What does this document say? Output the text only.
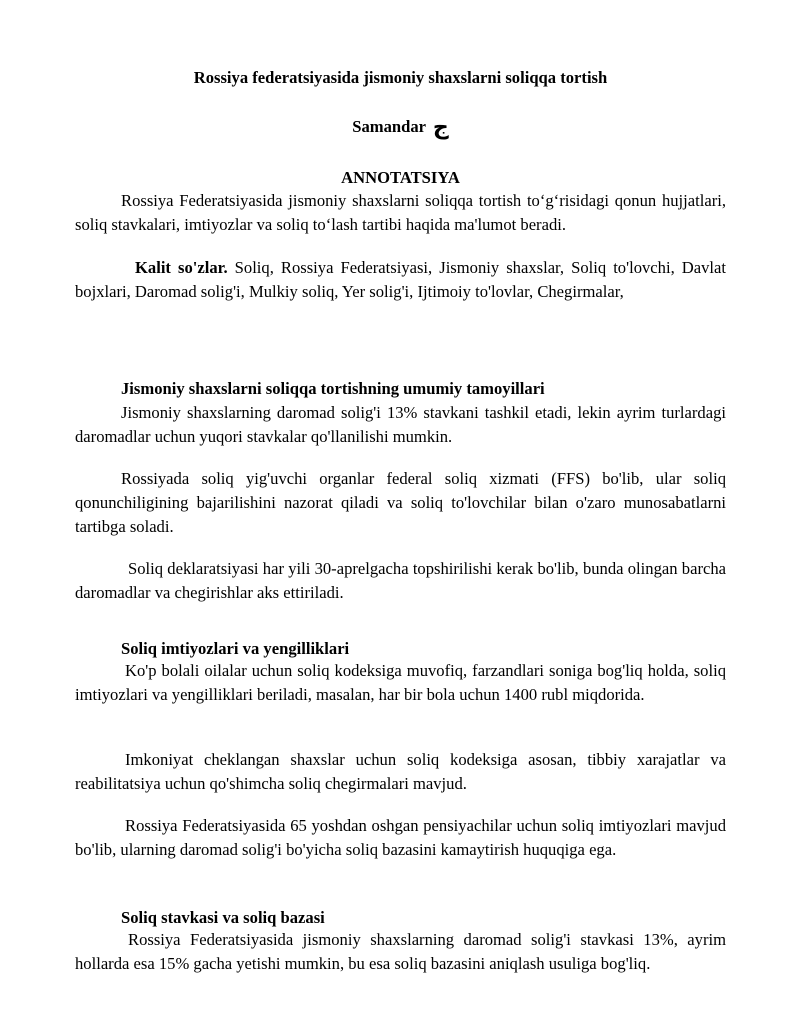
Rossiya federatsiyasida jismoniy shaxslarni soliqqa tortish
Samandar ج
ANNOTATSIYA

Rossiya Federatsiyasida jismoniy shaxslarni soliqqa tortish to‘g‘risidagi qonun hujjatlari, soliq stavkalari, imtiyozlar va soliq to‘lash tartibi haqida ma'lumot beradi.

Kalit so'zlar. Soliq, Rossiya Federatsiyasi, Jismoniy shaxslar, Soliq to'lovchi, Davlat bojxlari, Daromad solig'i, Mulkiy soliq, Yer solig'i, Ijtimoiy to'lovlar, Chegirmalar,

Jismoniy shaxslarni soliqqa tortishning umumiy tamoyillari

Jismoniy shaxslarning daromad solig'i 13% stavkani tashkil etadi, lekin ayrim turlardagi daromadlar uchun yuqori stavkalar qo'llanilishi mumkin.

Rossiyada soliq yig'uvchi organlar federal soliq xizmati (FFS) bo'lib, ular soliq qonunchiligining bajarilishini nazorat qiladi va soliq to'lovchilar bilan o'zaro munosabatlarni tartibga soladi.

Soliq deklaratsiyasi har yili 30-aprelgacha topshirilishi kerak bo'lib, bunda olingan barcha daromadlar va chegirishlar aks ettiriladi.

Soliq imtiyozlari va yengilliklari

Ko'p bolali oilalar uchun soliq kodeksiga muvofiq, farzandlari soniga bog'liq holda, soliq imtiyozlari va yengilliklari beriladi, masalan, har bir bola uchun 1400 rubl miqdorida.

Imkoniyat cheklangan shaxslar uchun soliq kodeksiga asosan, tibbiy xarajatlar va reabilitatsiya uchun qo'shimcha soliq chegirmalari mavjud.

Rossiya Federatsiyasida 65 yoshdan oshgan pensiyachilar uchun soliq imtiyozlari mavjud bo'lib, ularning daromad solig'i bo'yicha soliq bazasini kamaytirish huquqiga ega.

Soliq stavkasi va soliq bazasi

Rossiya Federatsiyasida jismoniy shaxslarning daromad solig'i stavkasi 13%, ayrim hollarda esa 15% gacha yetishi mumkin, bu esa soliq bazasini aniqlash usuliga bog'liq.
